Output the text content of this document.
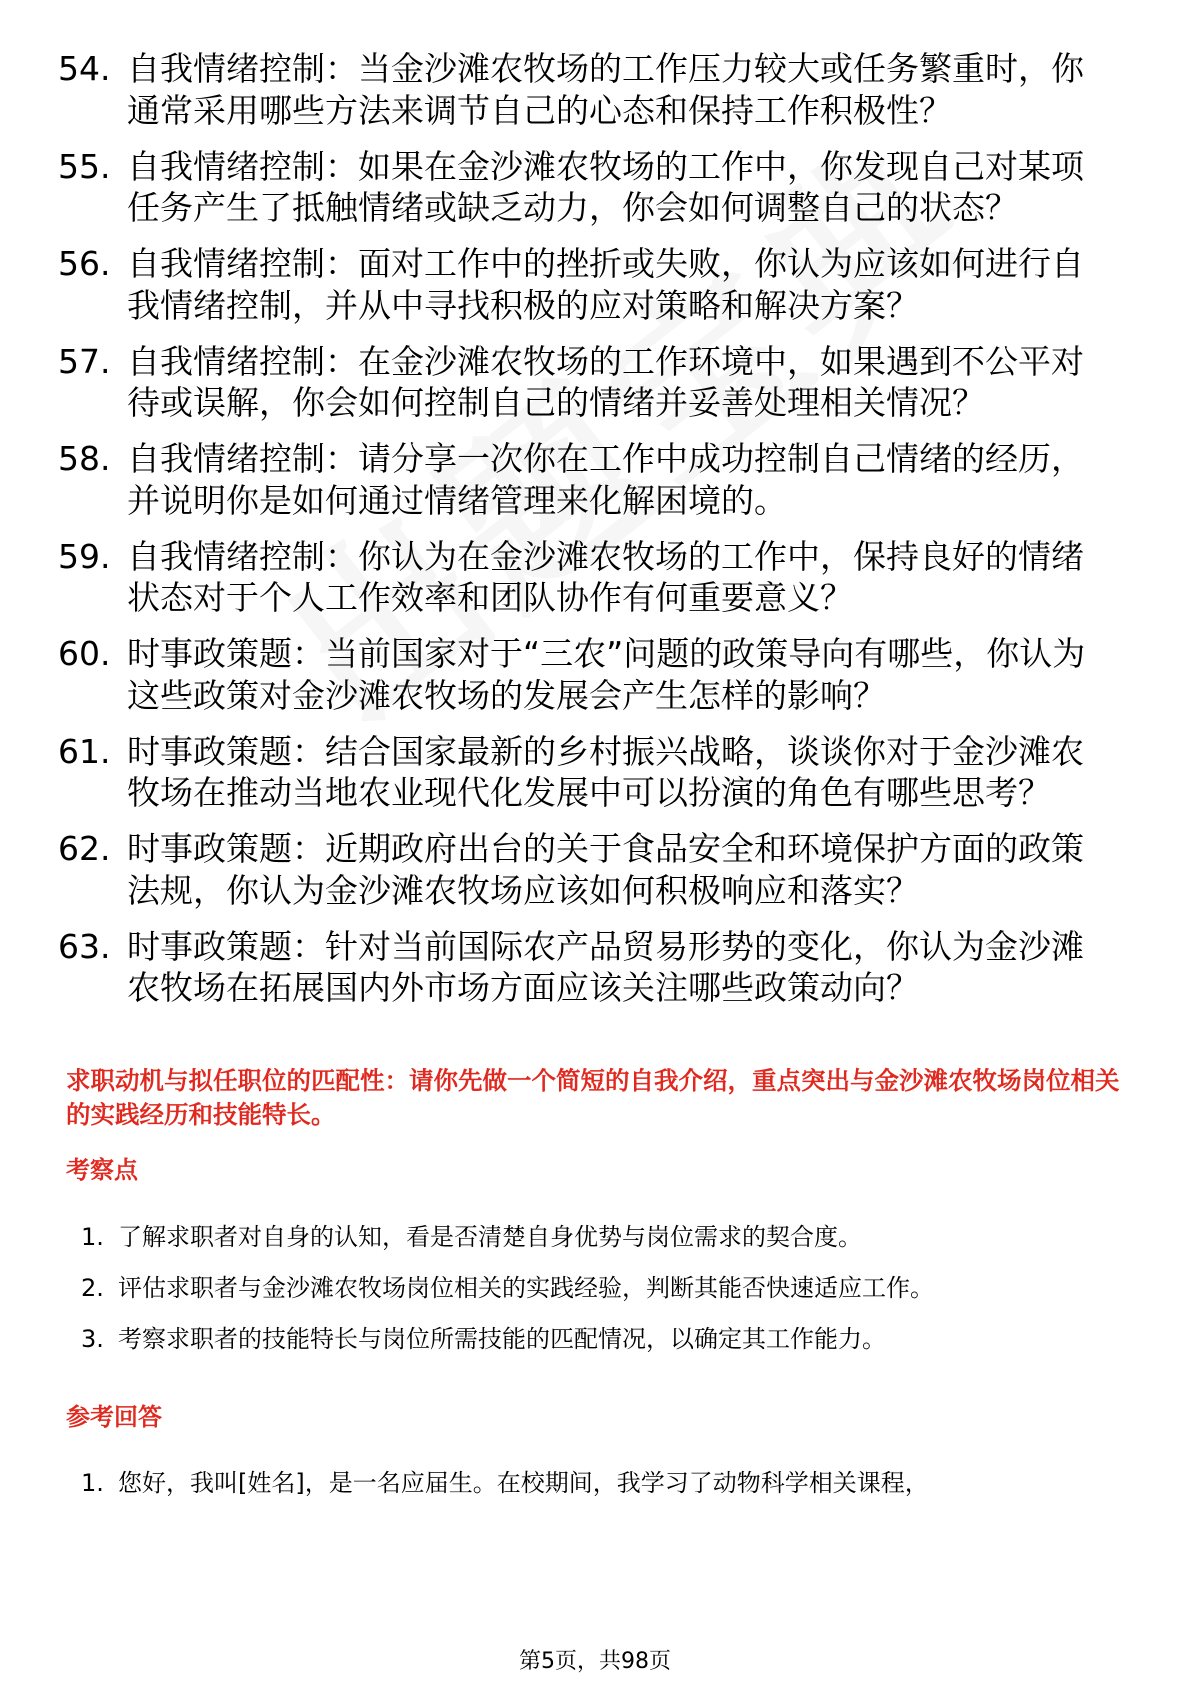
54. 自我情绪控制：当金沙滩农牧场的工作压力较大或任务繁重时，你通常采用哪些方法来调节自己的心态和保持工作积极性？
55. 自我情绪控制：如果在金沙滩农牧场的工作中，你发现自己对某项任务产生了抵触情绪或缺乏动力，你会如何调整自己的状态？
56. 自我情绪控制：面对工作中的挫折或失败，你认为应该如何进行自我情绪控制，并从中寻找积极的应对策略和解决方案？
57. 自我情绪控制：在金沙滩农牧场的工作环境中，如果遇到不公平对待或误解，你会如何控制自己的情绪并妥善处理相关情况？
58. 自我情绪控制：请分享一次你在工作中成功控制自己情绪的经历，并说明你是如何通过情绪管理来化解困境的。
59. 自我情绪控制：你认为在金沙滩农牧场的工作中，保持良好的情绪状态对于个人工作效率和团队协作有何重要意义？
60. 时事政策题：当前国家对于“三农”问题的政策导向有哪些，你认为这些政策对金沙滩农牧场的发展会产生怎样的影响？
61. 时事政策题：结合国家最新的乡村振兴战略，谈谈你对于金沙滩农牧场在推动当地农业现代化发展中可以扮演的角色有哪些思考？
62. 时事政策题：近期政府出台的关于食品安全和环境保护方面的政策法规，你认为金沙滩农牧场应该如何积极响应和落实？
63. 时事政策题：针对当前国际农产品贸易形势的变化，你认为金沙滩农牧场在拓展国内外市场方面应该关注哪些政策动向？
求职动机与拟任职位的匹配性：请你先做一个简短的自我介绍，重点突出与金沙滩农牧场岗位相关的实践经历和技能特长。
考察点
1. 了解求职者对自身的认知，看是否清楚自身优势与岗位需求的契合度。
2. 评估求职者与金沙滩农牧场岗位相关的实践经验，判断其能否快速适应工作。
3. 考察求职者的技能特长与岗位所需技能的匹配情况，以确定其工作能力。
参考回答
1. 您好，我叫[姓名]，是一名应届生。在校期间，我学习了动物科学相关课程，
第5页，共98页
